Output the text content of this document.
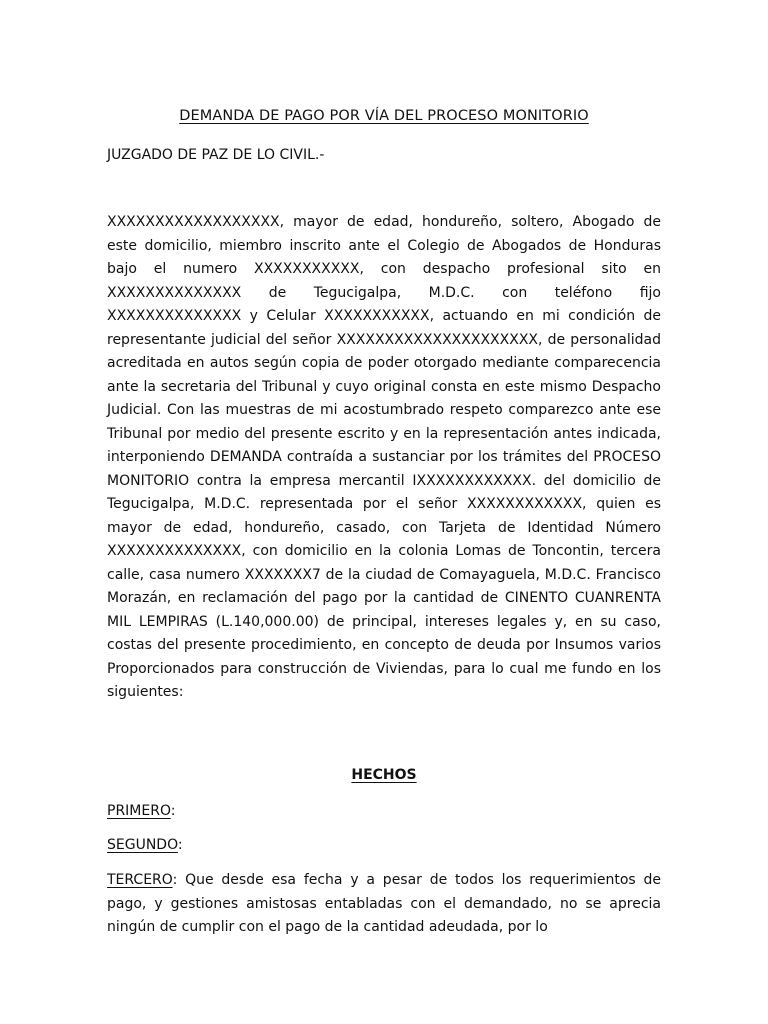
DEMANDA DE PAGO POR VÍA DEL PROCESO MONITORIO

JUZGADO DE PAZ DE LO CIVIL.-

XXXXXXXXXXXXXXXXXX, mayor de edad, hondureño, soltero, Abogado de este domicilio, miembro inscrito ante el Colegio de Abogados de Honduras bajo el numero XXXXXXXXXXX, con despacho profesional sito en XXXXXXXXXXXXXX de Tegucigalpa, M.D.C. con teléfono fijo XXXXXXXXXXXXXX y Celular XXXXXXXXXXX, actuando en mi condición de representante judicial del señor XXXXXXXXXXXXXXXXXXXXX, de personalidad acreditada en autos según copia de poder otorgado mediante comparecencia ante la secretaria del Tribunal y cuyo original consta en este mismo Despacho Judicial. Con las muestras de mi acostumbrado respeto comparezco ante ese Tribunal por medio del presente escrito y en la representación antes indicada, interponiendo DEMANDA contraída a sustanciar por los trámites del PROCESO MONITORIO contra la empresa mercantil IXXXXXXXXXXXX. del domicilio de Tegucigalpa, M.D.C. representada por el señor XXXXXXXXXXXX, quien es mayor de edad, hondureño, casado, con Tarjeta de Identidad Número XXXXXXXXXXXXXX, con domicilio en la colonia Lomas de Toncontin, tercera calle, casa numero XXXXXXX7 de la ciudad de Comayaguela, M.D.C. Francisco Morazán, en reclamación del pago por la cantidad de CINENTO CUANRENTA MIL LEMPIRAS (L.140,000.00) de principal, intereses legales y, en su caso, costas del presente procedimiento, en concepto de deuda por Insumos varios Proporcionados para construcción de Viviendas, para lo cual me fundo en los siguientes:

HECHOS

PRIMERO:

SEGUNDO:

TERCERO: Que desde esa fecha y a pesar de todos los requerimientos de pago, y gestiones amistosas entabladas con el demandado, no se aprecia ningún de cumplir con el pago de la cantidad adeudada, por lo
